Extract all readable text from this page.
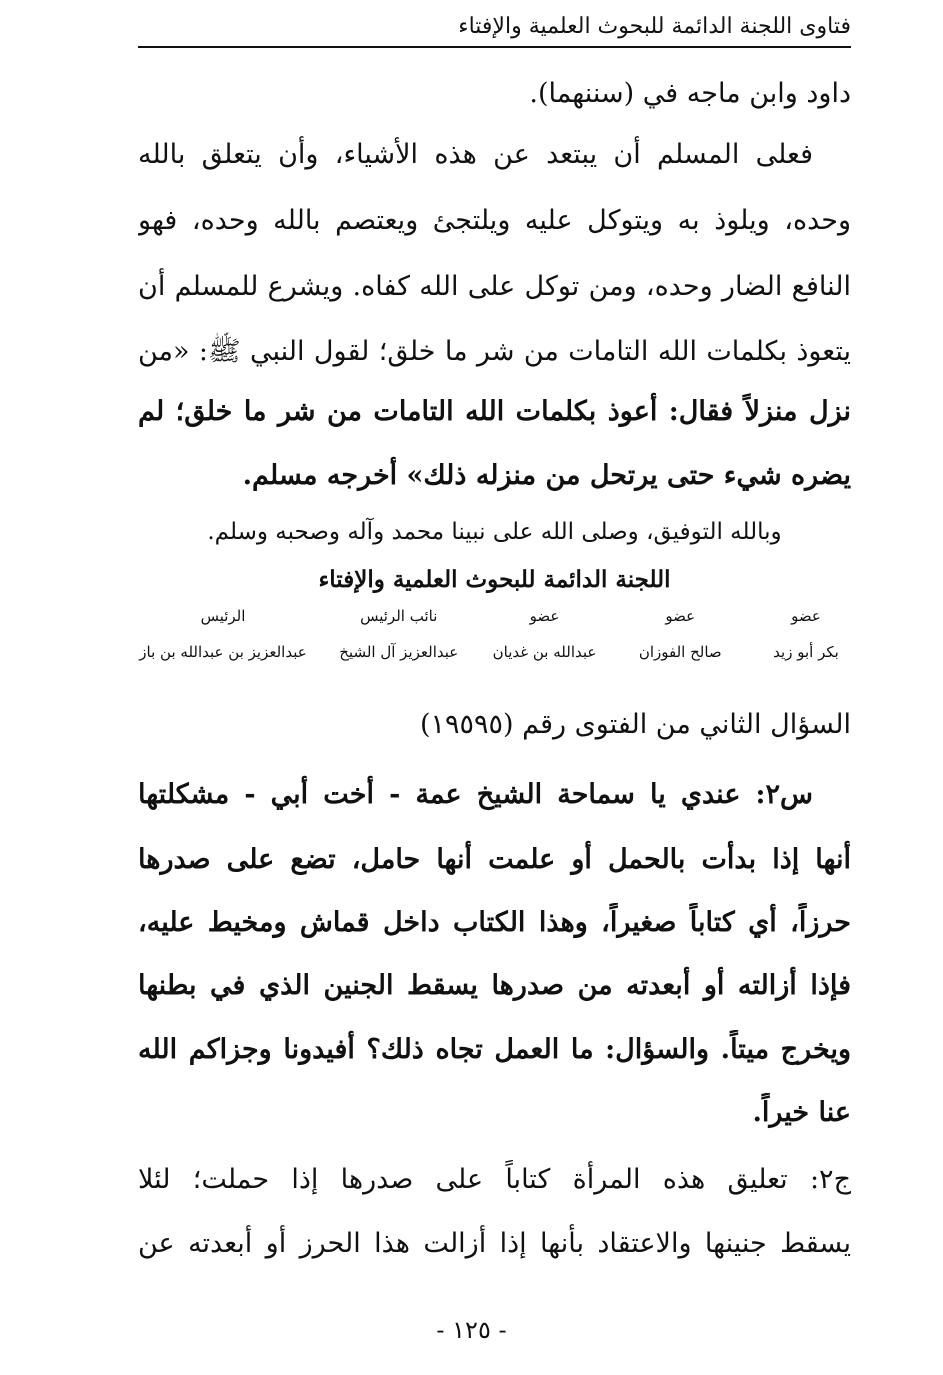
فتاوى اللجنة الدائمة للبحوث العلمية والإفتاء
داود وابن ماجه في (سننهما).
فعلى المسلم أن يبتعد عن هذه الأشياء، وأن يتعلق بالله
وحده، ويلوذ به ويتوكل عليه ويلتجئ ويعتصم بالله وحده، فهو
النافع الضار وحده، ومن توكل على الله كفاه. ويشرع للمسلم أن
يتعوذ بكلمات الله التامات من شر ما خلق؛ لقول النبي ﷺ: «من
نزل منزلاً فقال: أعوذ بكلمات الله التامات من شر ما خلق؛ لم
يضره شيء حتى يرتحل من منزله ذلك» أخرجه مسلم.
وبالله التوفيق، وصلى الله على نبينا محمد وآله وصحبه وسلم.
اللجنة الدائمة للبحوث العلمية والإفتاء
عضو
عضو
عضو
نائب الرئيس
الرئيس
بكر أبو زيد
صالح الفوزان
عبدالله بن غديان
عبدالعزيز آل الشيخ
عبدالعزيز بن عبدالله بن باز
السؤال الثاني من الفتوى رقم (١٩٥٩٥)
س٢: عندي يا سماحة الشيخ عمة - أخت أبي - مشكلتها
أنها إذا بدأت بالحمل أو علمت أنها حامل، تضع على صدرها
حرزاً، أي كتاباً صغيراً، وهذا الكتاب داخل قماش ومخيط عليه،
فإذا أزالته أو أبعدته من صدرها يسقط الجنين الذي في بطنها
ويخرج ميتاً. والسؤال: ما العمل تجاه ذلك؟ أفيدونا وجزاكم الله
عنا خيراً.
ج٢: تعليق هذه المرأة كتاباً على صدرها إذا حملت؛ لئلا
يسقط جنينها والاعتقاد بأنها إذا أزالت هذا الحرز أو أبعدته عن
- ١٢٥ -
